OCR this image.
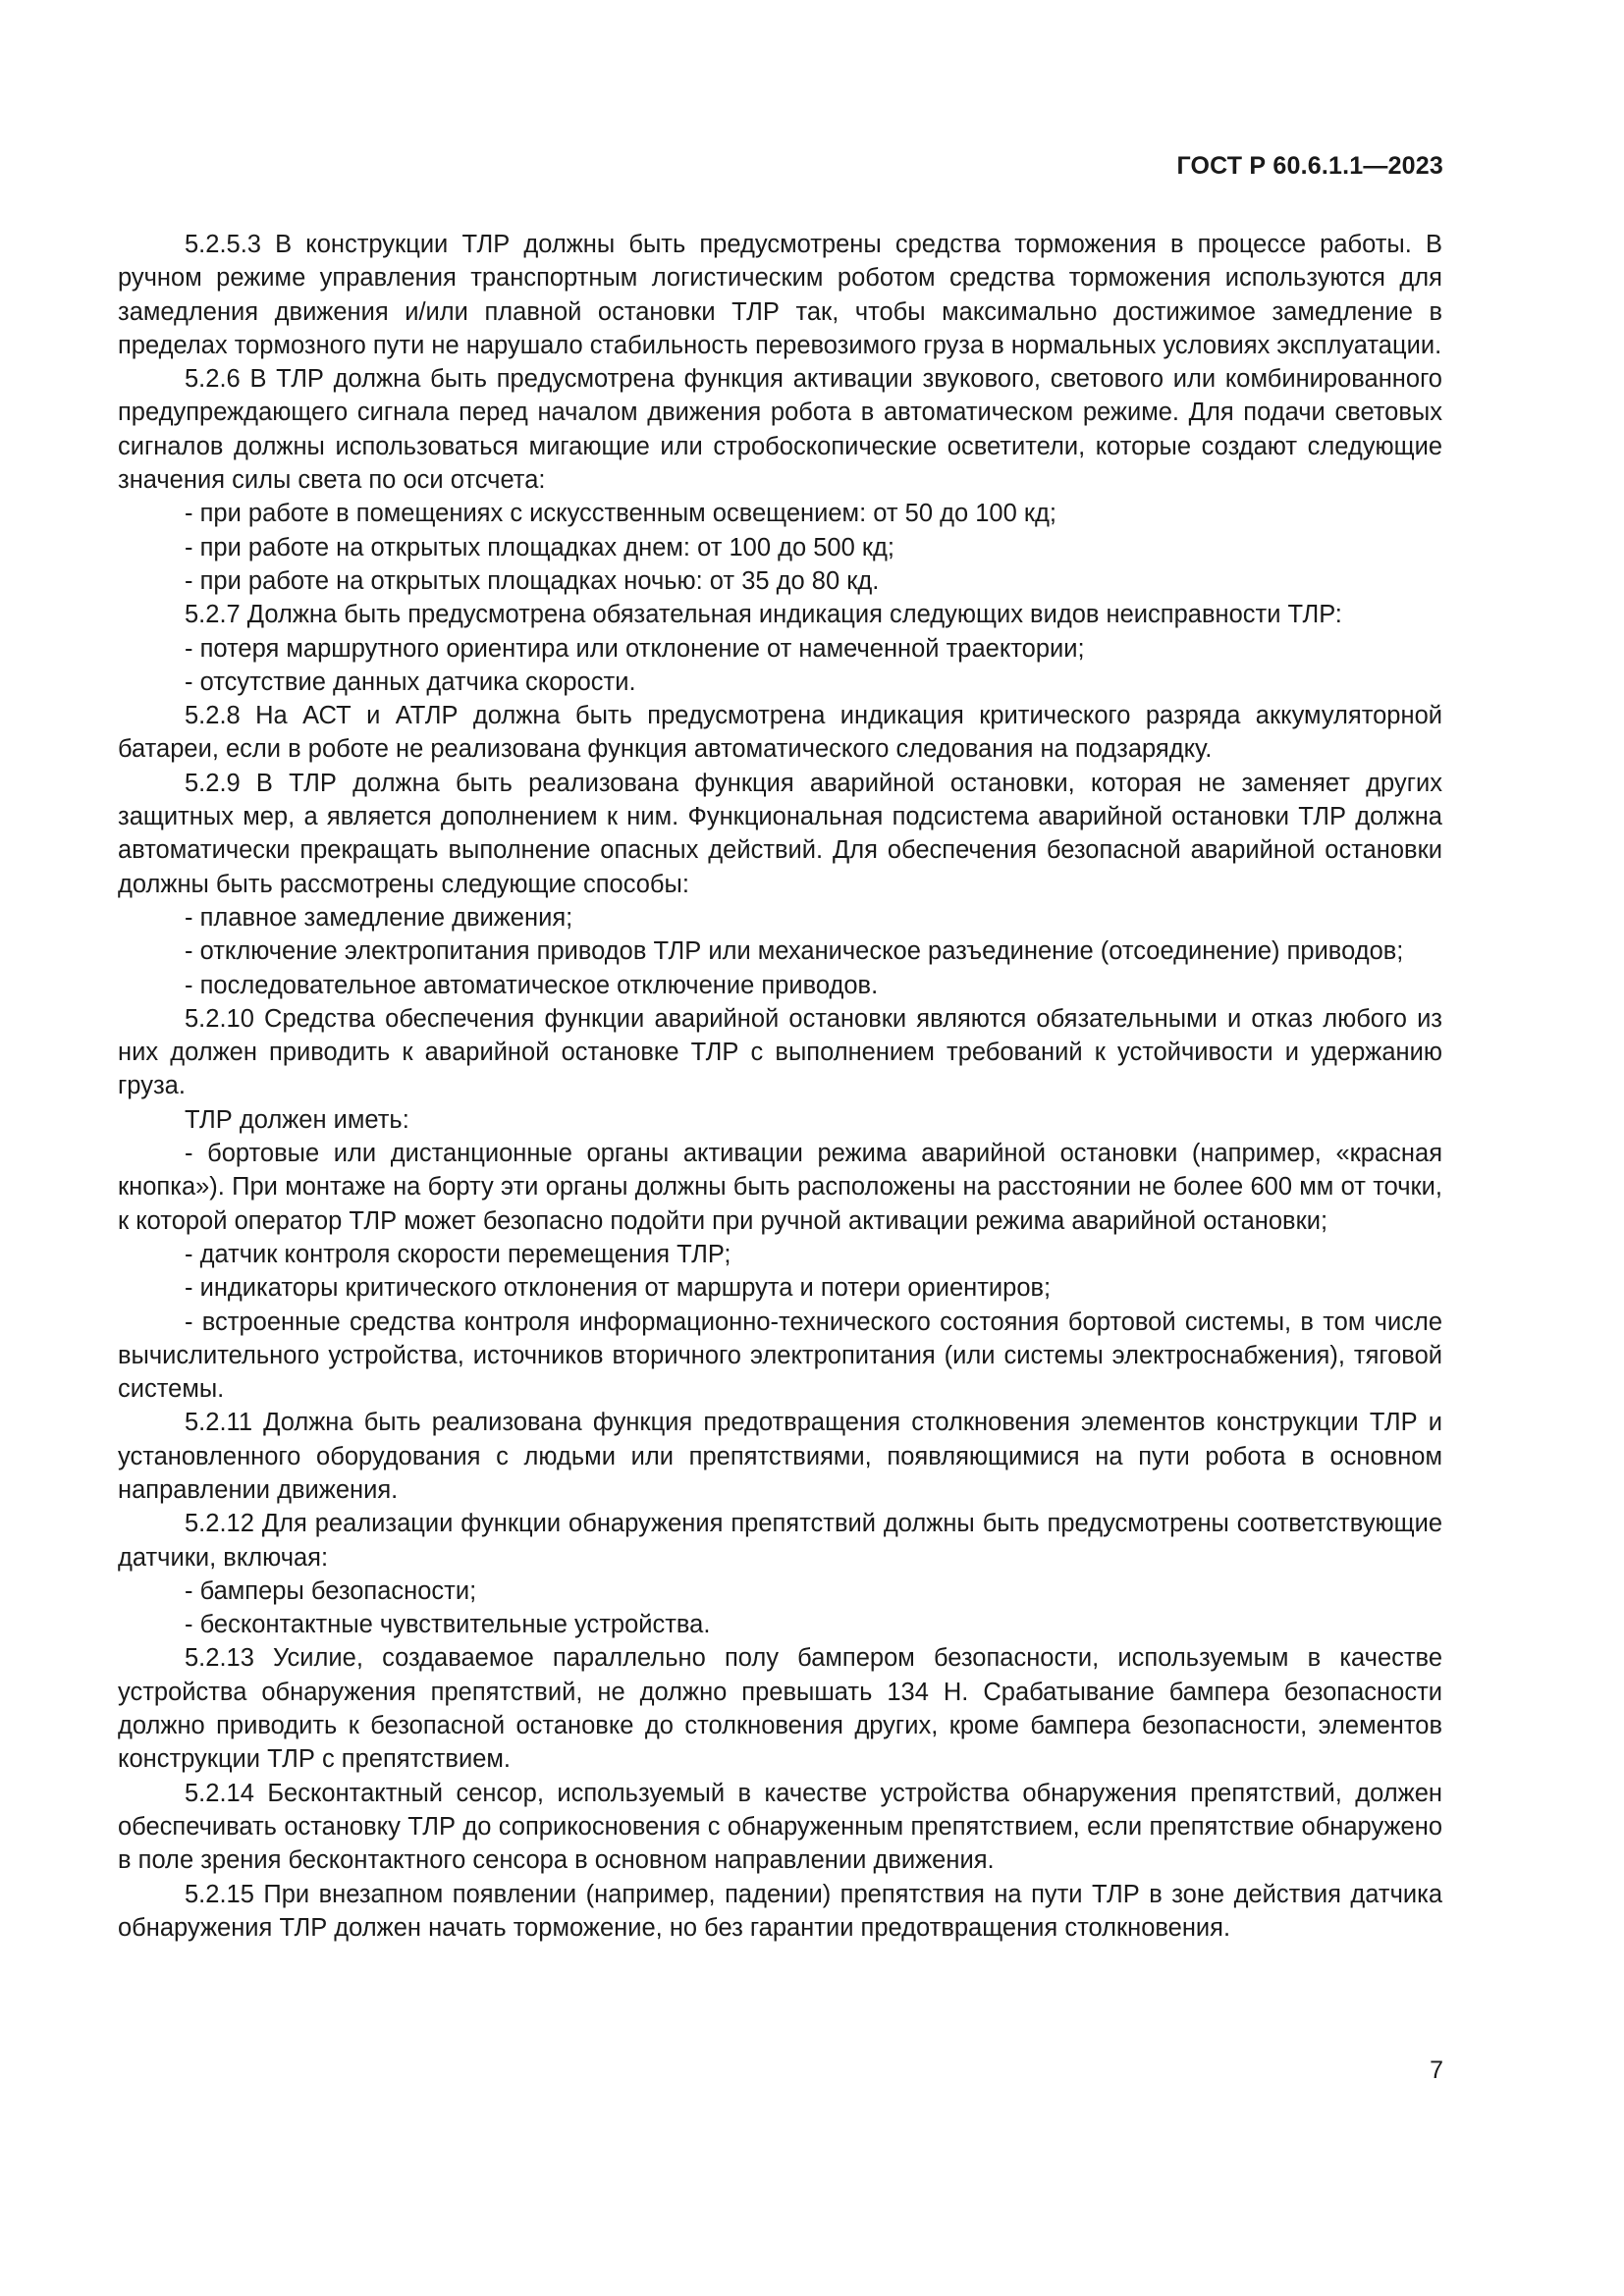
ГОСТ Р 60.6.1.1—2023

5.2.5.3 В конструкции ТЛР должны быть предусмотрены средства торможения в процессе работы. В ручном режиме управления транспортным логистическим роботом средства торможения используются для замедления движения и/или плавной остановки ТЛР так, чтобы максимально достижимое замедление в пределах тормозного пути не нарушало стабильность перевозимого груза в нормальных условиях эксплуатации.

5.2.6 В ТЛР должна быть предусмотрена функция активации звукового, светового или комбинированного предупреждающего сигнала перед началом движения робота в автоматическом режиме. Для подачи световых сигналов должны использоваться мигающие или стробоскопические осветители, которые создают следующие значения силы света по оси отсчета:

- при работе в помещениях с искусственным освещением: от 50 до 100 кд;

- при работе на открытых площадках днем: от 100 до 500 кд;

- при работе на открытых площадках ночью: от 35 до 80 кд.

5.2.7 Должна быть предусмотрена обязательная индикация следующих видов неисправности ТЛР:

- потеря маршрутного ориентира или отклонение от намеченной траектории;

- отсутствие данных датчика скорости.

5.2.8 На АСТ и АТЛР должна быть предусмотрена индикация критического разряда аккумуляторной батареи, если в роботе не реализована функция автоматического следования на подзарядку.

5.2.9 В ТЛР должна быть реализована функция аварийной остановки, которая не заменяет других защитных мер, а является дополнением к ним. Функциональная подсистема аварийной остановки ТЛР должна автоматически прекращать выполнение опасных действий. Для обеспечения безопасной аварийной остановки должны быть рассмотрены следующие способы:

- плавное замедление движения;

- отключение электропитания приводов ТЛР или механическое разъединение (отсоединение) приводов;

- последовательное автоматическое отключение приводов.

5.2.10 Средства обеспечения функции аварийной остановки являются обязательными и отказ любого из них должен приводить к аварийной остановке ТЛР с выполнением требований к устойчивости и удержанию груза.

ТЛР должен иметь:

- бортовые или дистанционные органы активации режима аварийной остановки (например, «красная кнопка»). При монтаже на борту эти органы должны быть расположены на расстоянии не более 600 мм от точки, к которой оператор ТЛР может безопасно подойти при ручной активации режима аварийной остановки;

- датчик контроля скорости перемещения ТЛР;

- индикаторы критического отклонения от маршрута и потери ориентиров;

- встроенные средства контроля информационно-технического состояния бортовой системы, в том числе вычислительного устройства, источников вторичного электропитания (или системы электроснабжения), тяговой системы.

5.2.11 Должна быть реализована функция предотвращения столкновения элементов конструкции ТЛР и установленного оборудования с людьми или препятствиями, появляющимися на пути робота в основном направлении движения.

5.2.12 Для реализации функции обнаружения препятствий должны быть предусмотрены соответствующие датчики, включая:

- бамперы безопасности;

- бесконтактные чувствительные устройства.

5.2.13 Усилие, создаваемое параллельно полу бампером безопасности, используемым в качестве устройства обнаружения препятствий, не должно превышать 134 Н. Срабатывание бампера безопасности должно приводить к безопасной остановке до столкновения других, кроме бампера безопасности, элементов конструкции ТЛР с препятствием.

5.2.14 Бесконтактный сенсор, используемый в качестве устройства обнаружения препятствий, должен обеспечивать остановку ТЛР до соприкосновения с обнаруженным препятствием, если препятствие обнаружено в поле зрения бесконтактного сенсора в основном направлении движения.

5.2.15 При внезапном появлении (например, падении) препятствия на пути ТЛР в зоне действия датчика обнаружения ТЛР должен начать торможение, но без гарантии предотвращения столкновения.

7
